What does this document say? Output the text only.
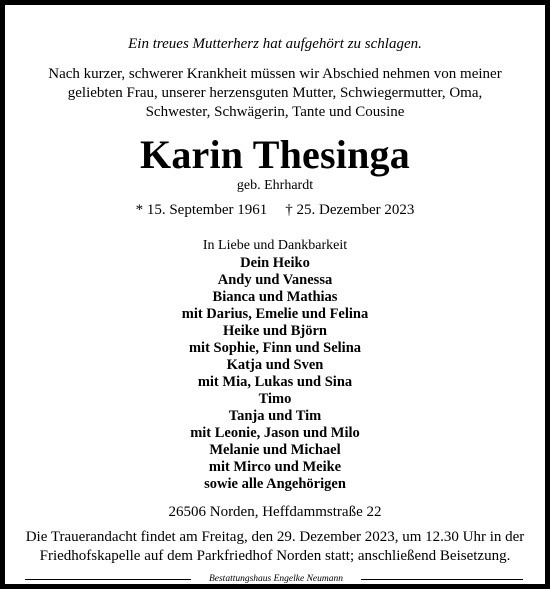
Ein treues Mutterherz hat aufgehört zu schlagen.
Nach kurzer, schwerer Krankheit müssen wir Abschied nehmen von meiner
geliebten Frau, unserer herzensguten Mutter, Schwiegermutter, Oma,
Schwester, Schwägerin, Tante und Cousine
Karin Thesinga
geb. Ehrhardt
* 15. September 1961 † 25. Dezember 2023
In Liebe und Dankbarkeit
Dein Heiko
Andy und Vanessa
Bianca und Mathias
mit Darius, Emelie und Felina
Heike und Björn
mit Sophie, Finn und Selina
Katja und Sven
mit Mia, Lukas und Sina
Timo
Tanja und Tim
mit Leonie, Jason und Milo
Melanie und Michael
mit Mirco und Meike
sowie alle Angehörigen
26506 Norden, Heffdammstraße 22
Die Trauerandacht findet am Freitag, den 29. Dezember 2023, um 12.30 Uhr in der
Friedhofskapelle auf dem Parkfriedhof Norden statt; anschließend Beisetzung.
Bestattungshaus Engelke Neumann
